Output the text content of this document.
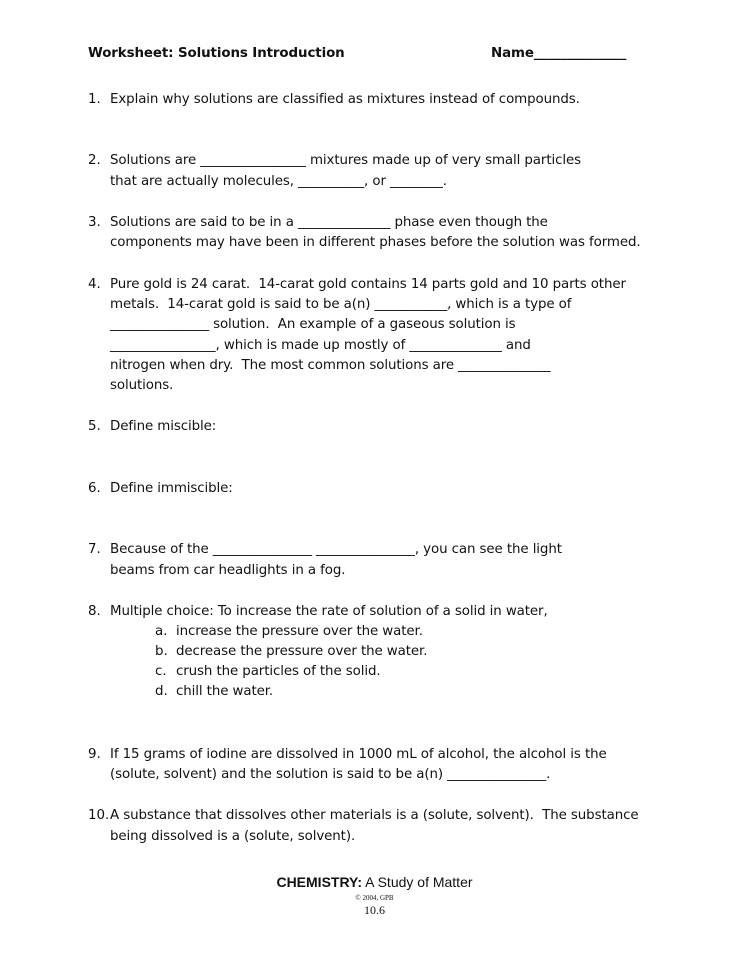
Worksheet: Solutions Introduction	Name______________
1. Explain why solutions are classified as mixtures instead of compounds.
2. Solutions are ________________ mixtures made up of very small particles
that are actually molecules, __________, or ________.
3. Solutions are said to be in a ______________ phase even though the
components may have been in different phases before the solution was formed.
4. Pure gold is 24 carat.  14-carat gold contains 14 parts gold and 10 parts other
metals.  14-carat gold is said to be a(n) ___________, which is a type of
_______________ solution.  An example of a gaseous solution is
________________, which is made up mostly of ______________ and
nitrogen when dry.  The most common solutions are ______________
solutions.
5. Define miscible:
6. Define immiscible:
7. Because of the _______________ _______________, you can see the light
beams from car headlights in a fog.
8. Multiple choice: To increase the rate of solution of a solid in water,
a. increase the pressure over the water.
b. decrease the pressure over the water.
c. crush the particles of the solid.
d. chill the water.
9. If 15 grams of iodine are dissolved in 1000 mL of alcohol, the alcohol is the
(solute, solvent) and the solution is said to be a(n) _______________.
10. A substance that dissolves other materials is a (solute, solvent).  The substance
being dissolved is a (solute, solvent).
CHEMISTRY: A Study of Matter
© 2004, GPB
10.6
